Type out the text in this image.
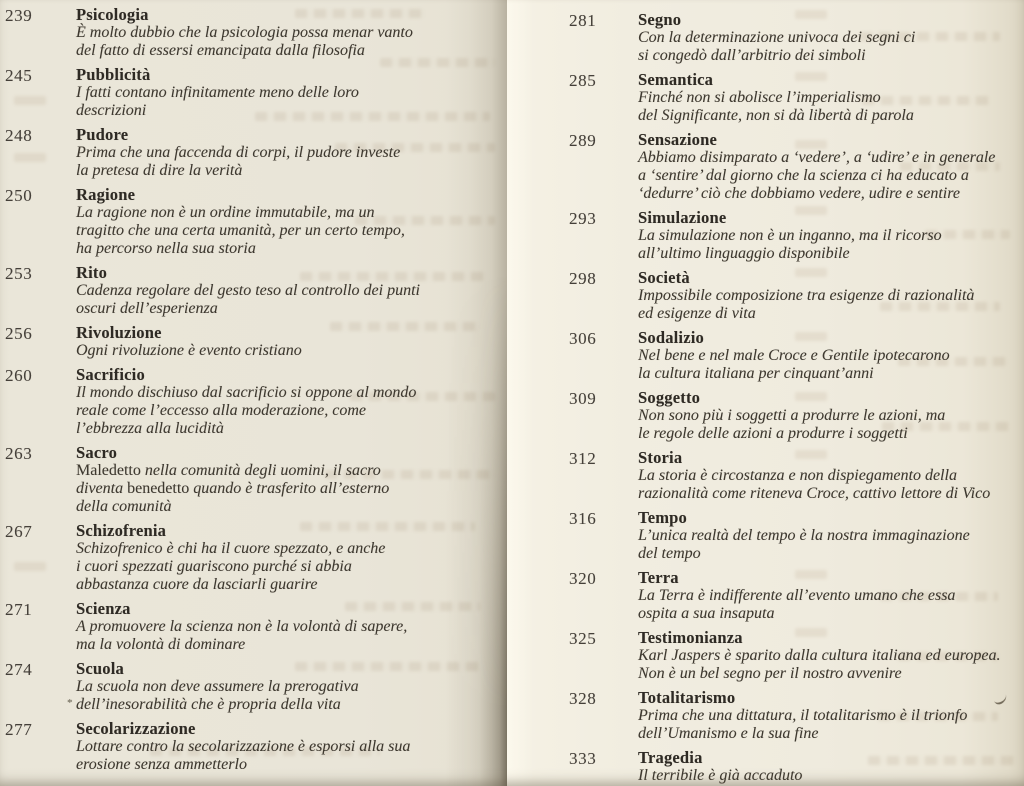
239	Psicologia
È molto dubbio che la psicologia possa menar vanto
del fatto di essersi emancipata dalla filosofia
245	Pubblicità
I fatti contano infinitamente meno delle loro
descrizioni
248	Pudore
Prima che una faccenda di corpi, il pudore investe
la pretesa di dire la verità
250	Ragione
La ragione non è un ordine immutabile, ma un
tragitto che una certa umanità, per un certo tempo,
ha percorso nella sua storia
253	Rito
Cadenza regolare del gesto teso al controllo dei punti
oscuri dell’esperienza
256	Rivoluzione
Ogni rivoluzione è evento cristiano
260	Sacrificio
Il mondo dischiuso dal sacrificio si oppone al mondo
reale come l’eccesso alla moderazione, come
l’ebbrezza alla lucidità
263	Sacro
Maledetto nella comunità degli uomini, il sacro
diventa benedetto quando è trasferito all’esterno
della comunità
267	Schizofrenia
Schizofrenico è chi ha il cuore spezzato, e anche
i cuori spezzati guariscono purché si abbia
abbastanza cuore da lasciarli guarire
271	Scienza
A promuovere la scienza non è la volontà di sapere,
ma la volontà di dominare
274	Scuola
La scuola non deve assumere la prerogativa
* dell’inesorabilità che è propria della vita
277	Secolarizzazione
Lottare contro la secolarizzazione è esporsi alla sua
erosione senza ammetterlo
281	Segno
Con la determinazione univoca dei segni ci
si congedò dall’arbitrio dei simboli
285	Semantica
Finché non si abolisce l’imperialismo
del Significante, non si dà libertà di parola
289	Sensazione
Abbiamo disimparato a ‘vedere’, a ‘udire’ e in generale
a ‘sentire’ dal giorno che la scienza ci ha educato a
‘dedurre’ ciò che dobbiamo vedere, udire e sentire
293	Simulazione
La simulazione non è un inganno, ma il ricorso
all’ultimo linguaggio disponibile
298	Società
Impossibile composizione tra esigenze di razionalità
ed esigenze di vita
306	Sodalizio
Nel bene e nel male Croce e Gentile ipotecarono
la cultura italiana per cinquant’anni
309	Soggetto
Non sono più i soggetti a produrre le azioni, ma
le regole delle azioni a produrre i soggetti
312	Storia
La storia è circostanza e non dispiegamento della
razionalità come riteneva Croce, cattivo lettore di Vico
316	Tempo
L’unica realtà del tempo è la nostra immaginazione
del tempo
320	Terra
La Terra è indifferente all’evento umano che essa
ospita a sua insaputa
325	Testimonianza
Karl Jaspers è sparito dalla cultura italiana ed europea.
Non è un bel segno per il nostro avvenire
328	Totalitarismo
Prima che una dittatura, il totalitarismo è il trionfo
dell’Umanismo e la sua fine
333	Tragedia
Il terribile è già accaduto
